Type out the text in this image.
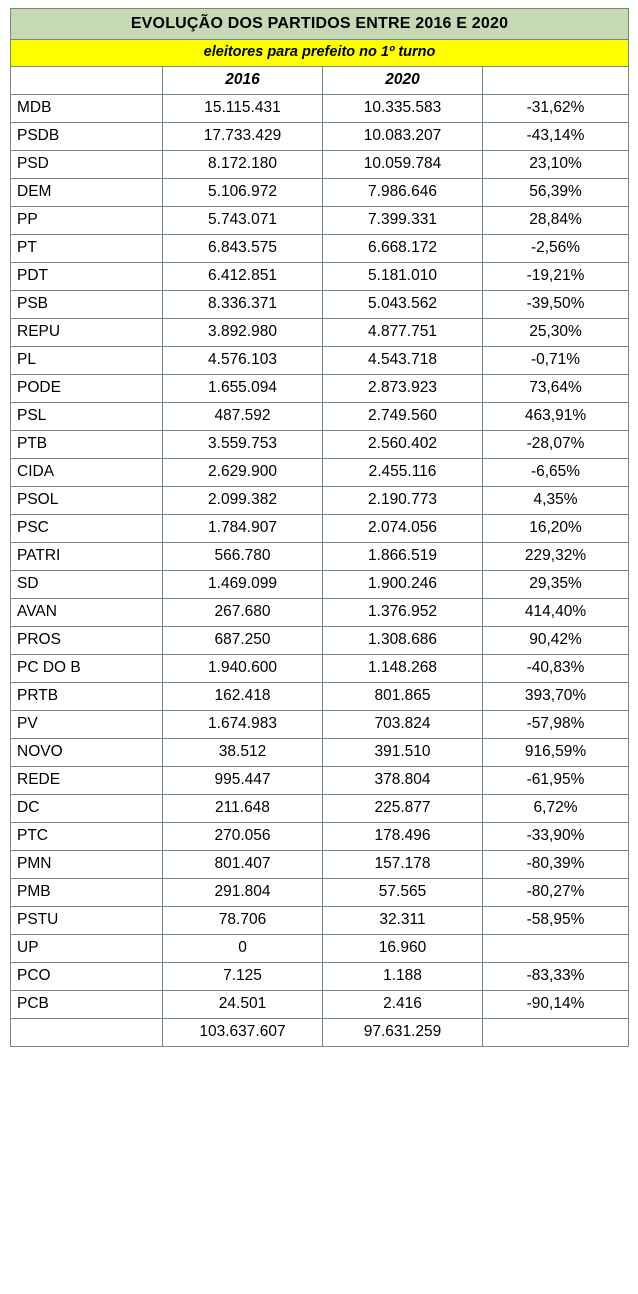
EVOLUÇÃO DOS PARTIDOS ENTRE 2016 E 2020			
eleitores para prefeito no 1º turno			
	2016	2020	
MDB	15.115.431	10.335.583	-31,62%
PSDB	17.733.429	10.083.207	-43,14%
PSD	8.172.180	10.059.784	23,10%
DEM	5.106.972	7.986.646	56,39%
PP	5.743.071	7.399.331	28,84%
PT	6.843.575	6.668.172	-2,56%
PDT	6.412.851	5.181.010	-19,21%
PSB	8.336.371	5.043.562	-39,50%
REPU	3.892.980	4.877.751	25,30%
PL	4.576.103	4.543.718	-0,71%
PODE	1.655.094	2.873.923	73,64%
PSL	487.592	2.749.560	463,91%
PTB	3.559.753	2.560.402	-28,07%
CIDA	2.629.900	2.455.116	-6,65%
PSOL	2.099.382	2.190.773	4,35%
PSC	1.784.907	2.074.056	16,20%
PATRI	566.780	1.866.519	229,32%
SD	1.469.099	1.900.246	29,35%
AVAN	267.680	1.376.952	414,40%
PROS	687.250	1.308.686	90,42%
PC DO B	1.940.600	1.148.268	-40,83%
PRTB	162.418	801.865	393,70%
PV	1.674.983	703.824	-57,98%
NOVO	38.512	391.510	916,59%
REDE	995.447	378.804	-61,95%
DC	211.648	225.877	6,72%
PTC	270.056	178.496	-33,90%
PMN	801.407	157.178	-80,39%
PMB	291.804	57.565	-80,27%
PSTU	78.706	32.311	-58,95%
UP	0	16.960	
PCO	7.125	1.188	-83,33%
PCB	24.501	2.416	-90,14%
	103.637.607	97.631.259	
